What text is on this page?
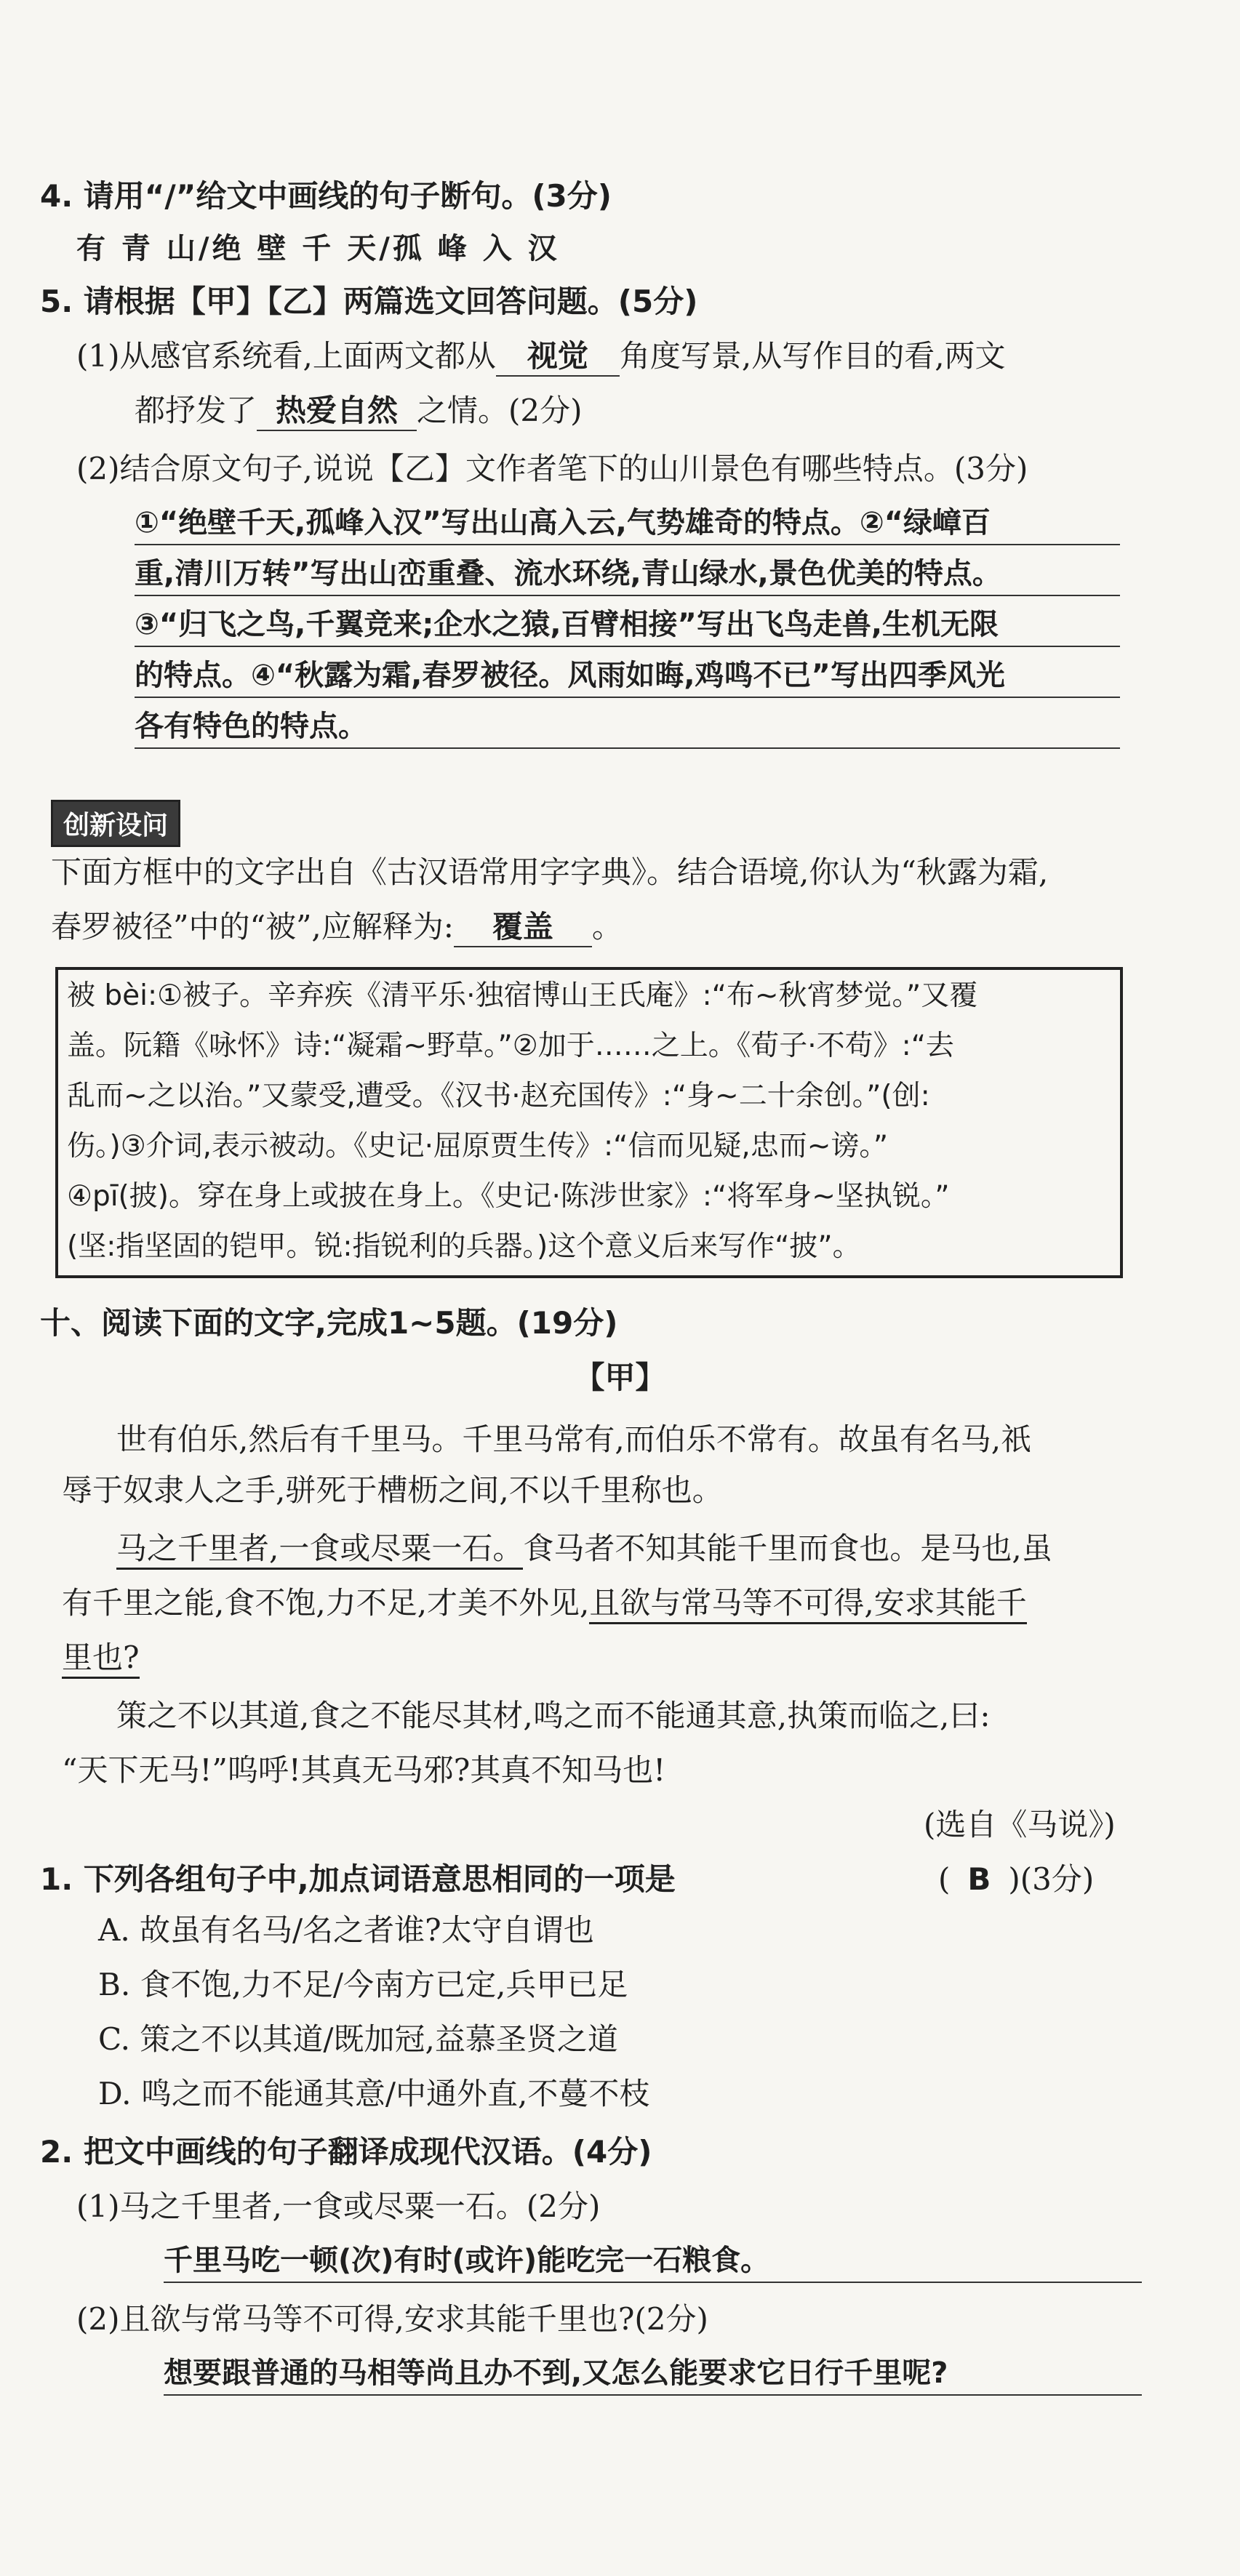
4. 请用“/”给文中画线的句子断句。(3分)
有 青 山/绝 壁 千 天/孤 峰 入 汉
5. 请根据【甲】【乙】两篇选文回答问题。(5分)
(1)从感官系统看,上面两文都从 视觉 角度写景,从写作目的看,两文
都抒发了 热爱自然 之情。(2分)
(2)结合原文句子,说说【乙】文作者笔下的山川景色有哪些特点。(3分)
①“绝壁千天,孤峰入汉”写出山高入云,气势雄奇的特点。②“绿嶂百
重,清川万转”写出山峦重叠、流水环绕,青山绿水,景色优美的特点。
③“归飞之鸟,千翼竞来;企水之猿,百臂相接”写出飞鸟走兽,生机无限
的特点。④“秋露为霜,春罗被径。风雨如晦,鸡鸣不已”写出四季风光
各有特色的特点。
创新设问
下面方框中的文字出自《古汉语常用字字典》。结合语境,你认为“秋露为霜,
春罗被径”中的“被”,应解释为: 覆盖 。
被 bèi:①被子。辛弃疾《清平乐·独宿博山王氏庵》:“布~秋宵梦觉。”又覆
盖。阮籍《咏怀》诗:“凝霜~野草。”②加于……之上。《荀子·不苟》:“去
乱而~之以治。”又蒙受,遭受。《汉书·赵充国传》:“身~二十余创。”(创:
伤。)③介词,表示被动。《史记·屈原贾生传》:“信而见疑,忠而~谤。”
④pī(披)。穿在身上或披在身上。《史记·陈涉世家》:“将军身~坚执锐。”
(坚:指坚固的铠甲。锐:指锐利的兵器。)这个意义后来写作“披”。
十、阅读下面的文字,完成1~5题。(19分)
【甲】
世有伯乐,然后有千里马。千里马常有,而伯乐不常有。故虽有名马,祇
辱于奴隶人之手,骈死于槽枥之间,不以千里称也。
马之千里者,一食或尽粟一石。食马者不知其能千里而食也。是马也,虽
有千里之能,食不饱,力不足,才美不外见,且欲与常马等不可得,安求其能千
里也?
策之不以其道,食之不能尽其材,鸣之而不能通其意,执策而临之,曰:
“天下无马!”呜呼!其真无马邪?其真不知马也!
(选自《马说》)
1. 下列各组句子中,加点词语意思相同的一项是	( B )(3分)
A. 故虽有名马/名之者谁?太守自谓也
B. 食不饱,力不足/今南方已定,兵甲已足
C. 策之不以其道/既加冠,益慕圣贤之道
D. 鸣之而不能通其意/中通外直,不蔓不枝
2. 把文中画线的句子翻译成现代汉语。(4分)
(1)马之千里者,一食或尽粟一石。(2分)
千里马吃一顿(次)有时(或许)能吃完一石粮食。
(2)且欲与常马等不可得,安求其能千里也?(2分)
想要跟普通的马相等尚且办不到,又怎么能要求它日行千里呢?
